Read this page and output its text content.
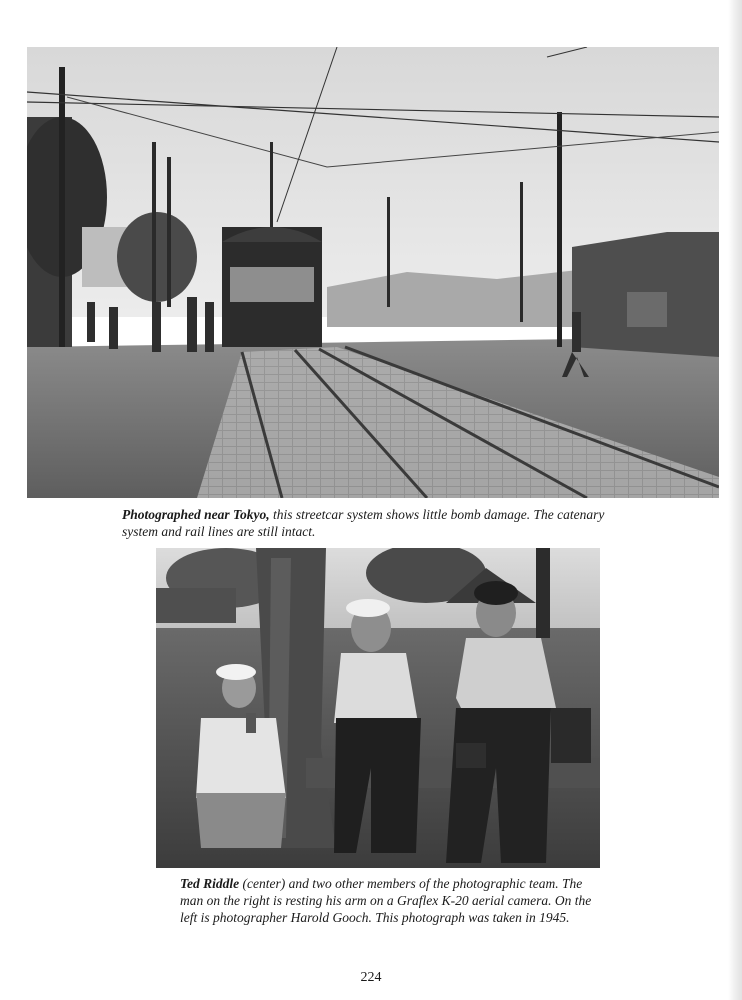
Photographed near Tokyo, this streetcar system shows little bomb damage. The catenary system and rail lines are still intact.
Ted Riddle (center) and two other members of the photographic team. The man on the right is resting his arm on a Graflex K-20 aerial camera. On the left is photographer Harold Gooch. This photograph was taken in 1945.
224
